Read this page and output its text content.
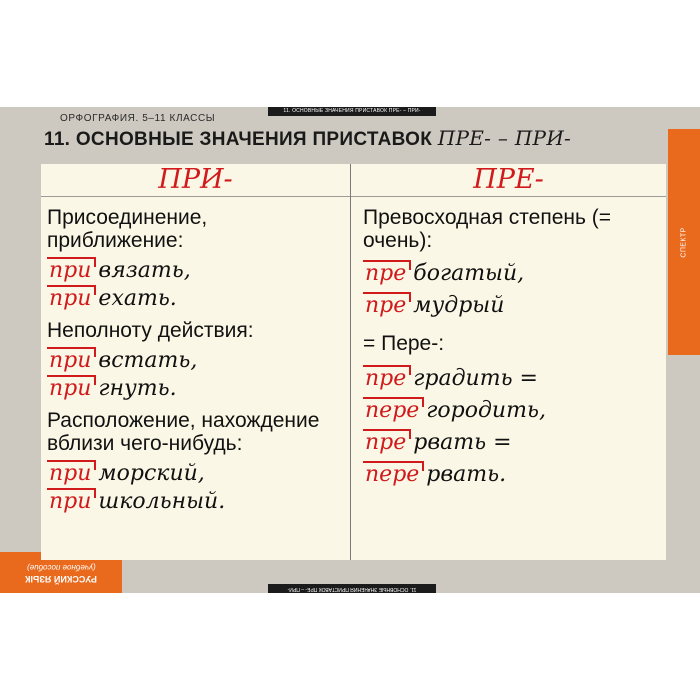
11. ОСНОВНЫЕ ЗНАЧЕНИЯ ПРИСТАВОК ПРЕ- – ПРИ-
ОРФОГРАФИЯ. 5–11 КЛАССЫ
11. ОСНОВНЫЕ ЗНАЧЕНИЯ ПРИСТАВОК ПРЕ- – ПРИ-
СПЕКТР
(учебное пособие)
РУССКИЙ ЯЗЫК
ПРИ-	ПРЕ-

Присоединение, приближение:

при вязать,
при ехать.

Неполноту действия:

при встать,
при гнуть.

Расположение, нахождение вблизи чего-нибудь:

при морский,
при школьный.

Превосходная степень (= очень):

пре богатый,
пре мудрый

= Пере-:

пре градить =
пере городить,
пре рвать =
пере рвать.
11. ОСНОВНЫЕ ЗНАЧЕНИЯ ПРИСТАВОК ПРЕ- – ПРИ-
